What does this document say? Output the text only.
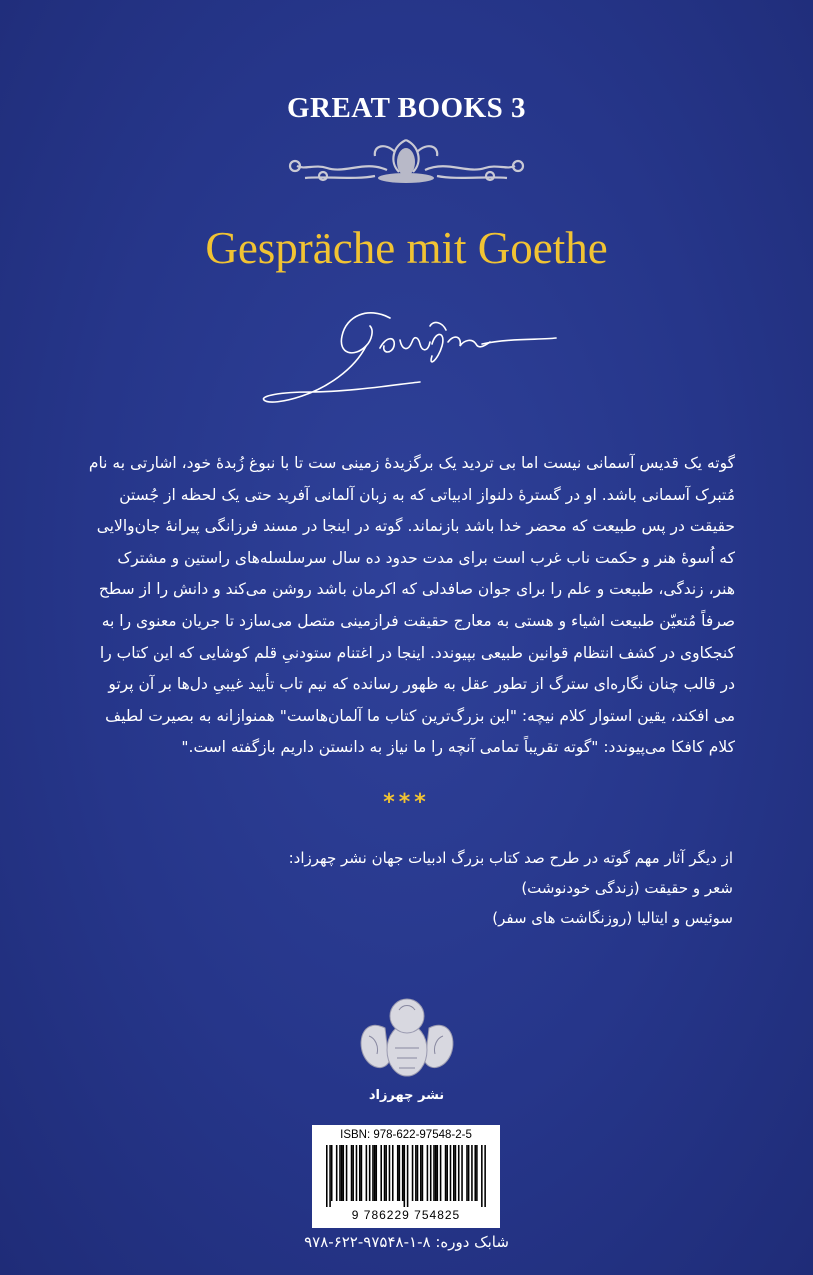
GREAT BOOKS 3
Gespräche mit Goethe
گوته یک قدیس آسمانی نیست اما بی تردید یک برگزیدهٔ زمینی ست تا با نبوغ زُبدهٔ خود، اشارتی به نام
مُتبرک آسمانی باشد. او در گسترهٔ دلنواز ادبیاتی که به زبان آلمانی آفرید حتی یک لحظه از جُستن
حقیقت در پس طبیعت که محضر خدا باشد بازنماند. گوته در اینجا در مسند فرزانگی پیرانهٔ جان‌والایی
که اُسوهٔ هنر و حکمت ناب غرب است برای مدت حدود ده سال سرسلسله‌های راستین و مشترک
هنر، زندگی، طبیعت و علم را برای جوان صافدلی که اکرمان باشد روشن می‌کند و دانش را از سطح
صرفاً مُتعیّن طبیعت اشیاء و هستی به معارج حقیقت فرازمینی متصل می‌سازد تا جریان معنوی را به
کنجکاوی در کشف انتظام قوانین طبیعی بپیوندد. اینجا در اغتنام ستودنیِ قلم کوشایی که این کتاب را
در قالب چنان نگاره‌ای سترگ از تطور عقل به ظهور رسانده که نیم تاب تأیید غیبیِ دل‌ها بر آن پرتو
می افکند، یقین استوار کلام نیچه: "این بزرگ‌ترین کتاب ما آلمان‌هاست" همنوازانه به بصیرت لطیف
کلام کافکا می‌پیوندد: "گوته تقریباً تمامی آنچه را ما نیاز به دانستن داریم بازگفته است."
***
از دیگر آثار مهم گوته در طرح صد کتاب بزرگ ادبیات جهان نشر چهرزاد:
شعر و حقیقت (زندگی خودنوشت)
سوئیس و ایتالیا (روزنگاشت های سفر)
نشر چهرزاد
ISBN: 978-622-97548-2-5
9 786229 754825
شابک دوره: ۸-۱-۹۷۵۴۸-۶۲۲-۹۷۸
